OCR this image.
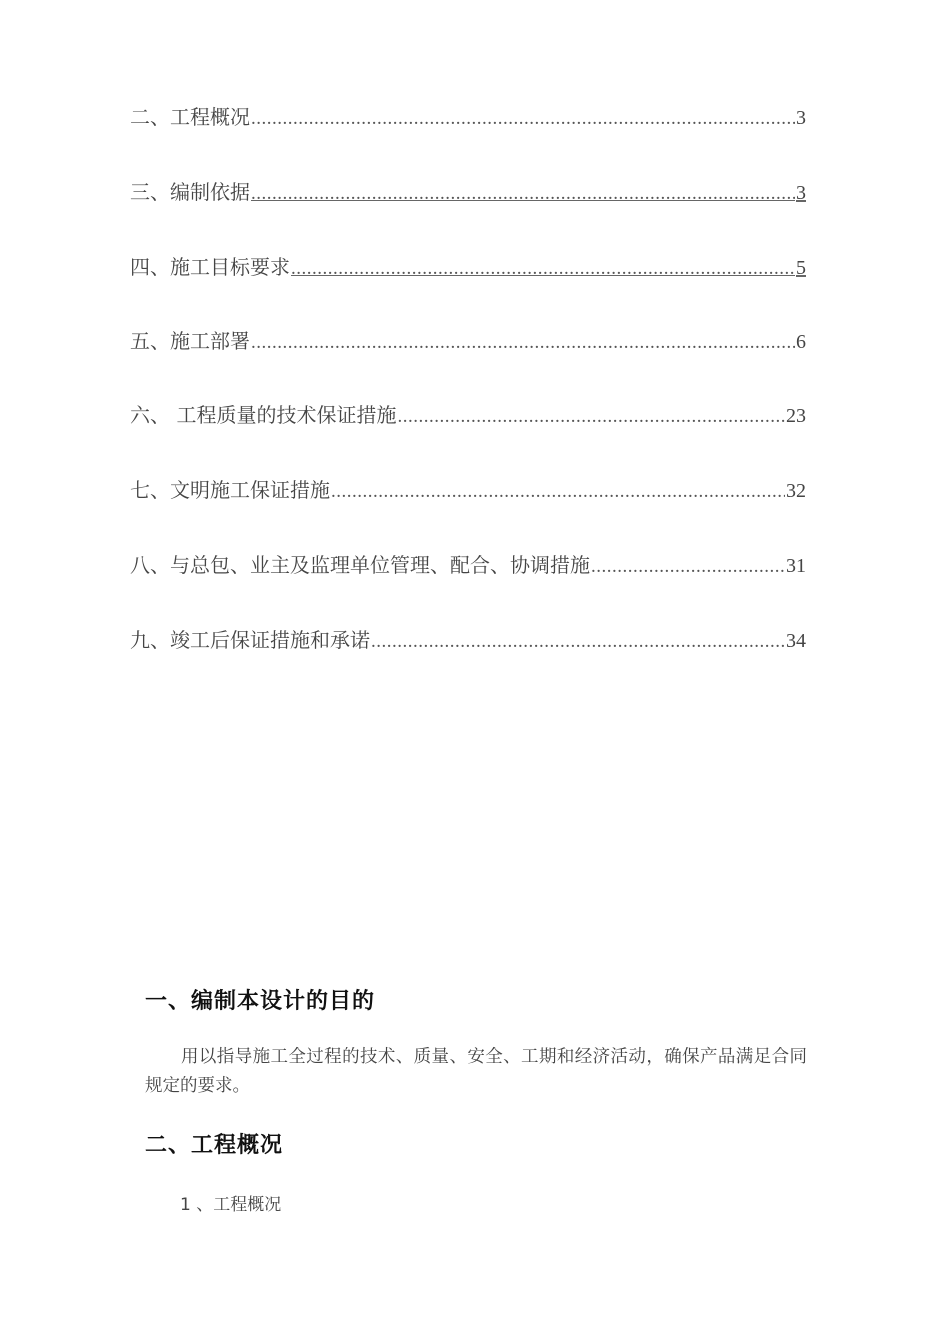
二、工程概况 .....	3
三、编制依据 .....	3
四、施工目标要求 .....	5
五、施工部署 .....	6
六、 工程质量的技术保证措施 .....	23
七、文明施工保证措施 .....	32
八、与总包、业主及监理单位管理、配合、协调措施 .....	31
九、竣工后保证措施和承诺 .....	34
一、编制本设计的目的
用以指导施工全过程的技术、质量、安全、工期和经济活动，确保产品满足合同规定的要求。
二、工程概况
1 、工程概况
